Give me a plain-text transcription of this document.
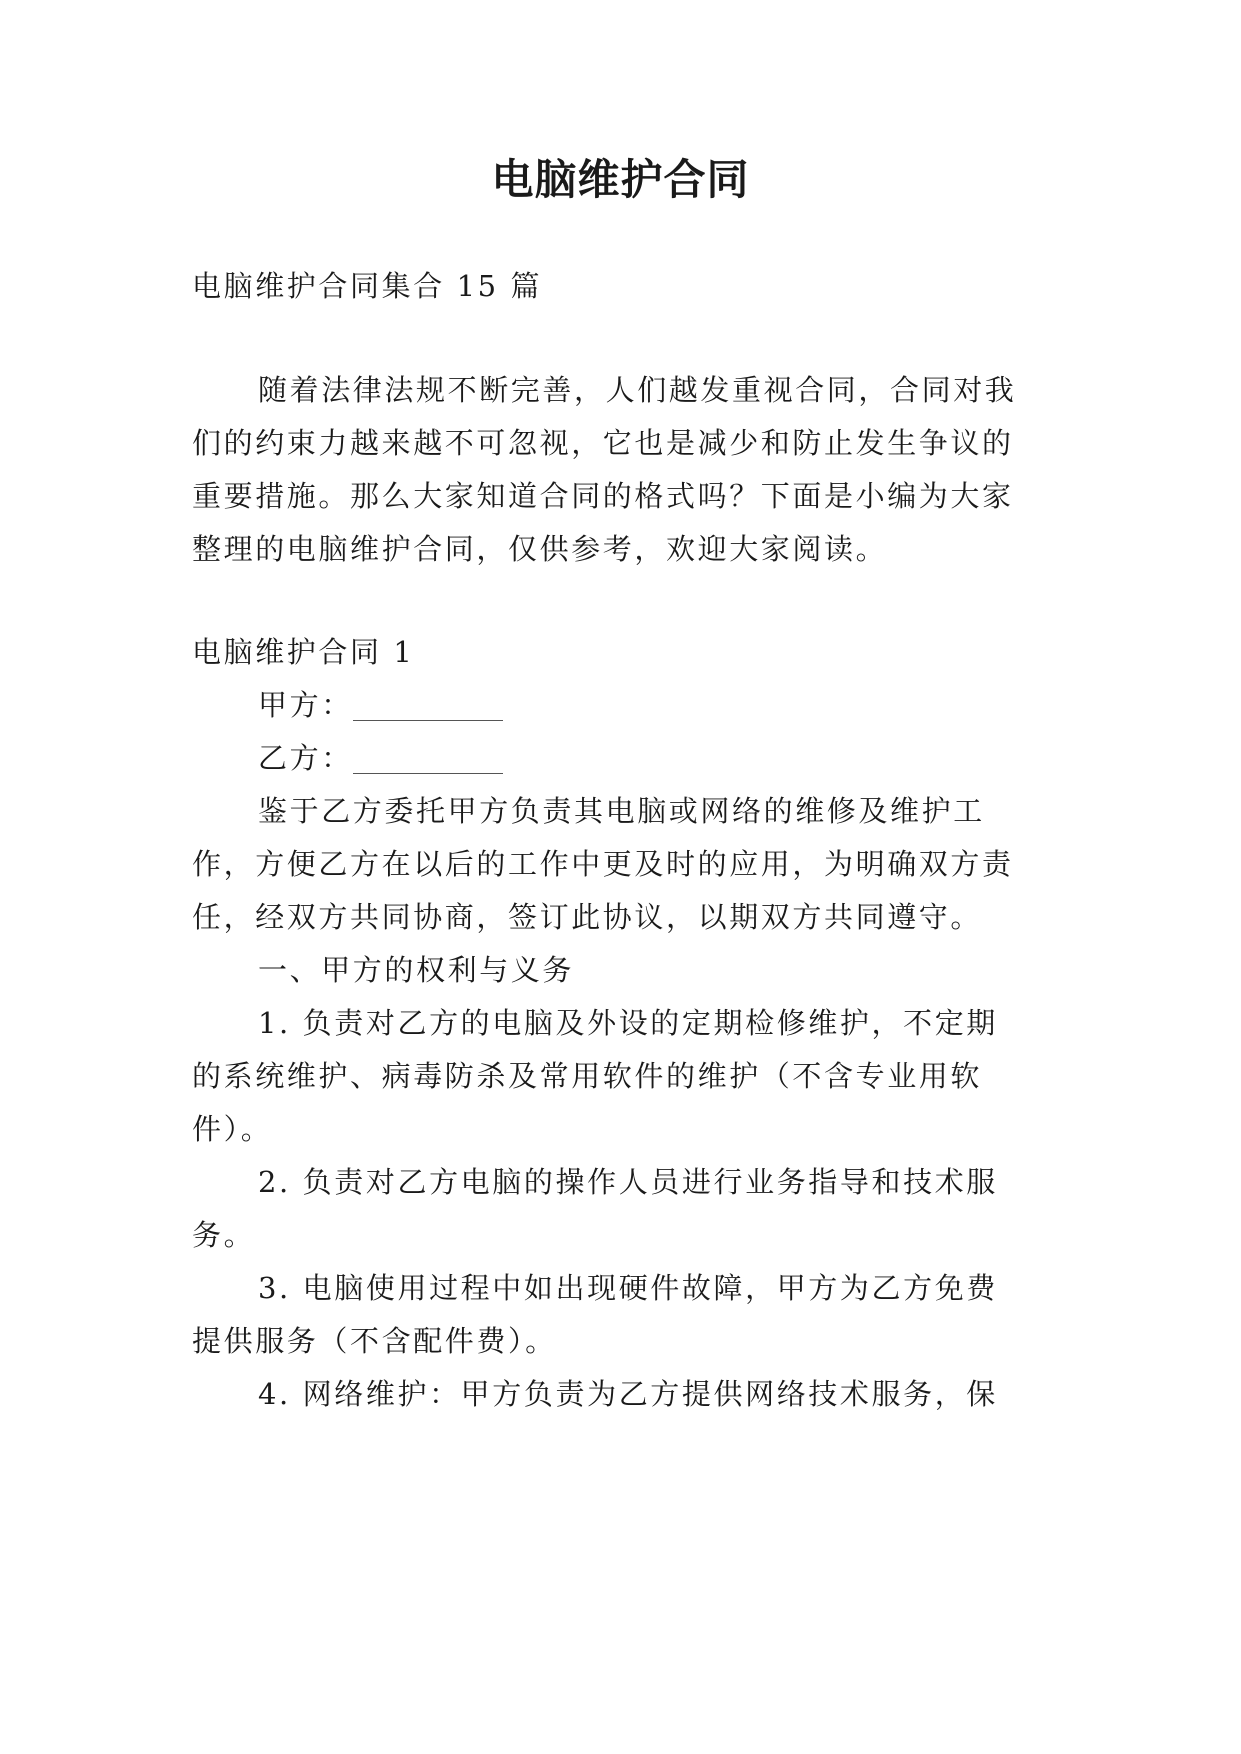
电脑维护合同
电脑维护合同集合 15 篇
随着法律法规不断完善，人们越发重视合同，合同对我
们的约束力越来越不可忽视，它也是减少和防止发生争议的
重要措施。那么大家知道合同的格式吗？下面是小编为大家
整理的电脑维护合同，仅供参考，欢迎大家阅读。
电脑维护合同 1
甲方：
乙方：
鉴于乙方委托甲方负责其电脑或网络的维修及维护工
作，方便乙方在以后的工作中更及时的应用，为明确双方责
任，经双方共同协商，签订此协议，以期双方共同遵守。
一、甲方的权利与义务
1. 负责对乙方的电脑及外设的定期检修维护，不定期
的系统维护、病毒防杀及常用软件的维护（不含专业用软
件）。
2. 负责对乙方电脑的操作人员进行业务指导和技术服
务。
3. 电脑使用过程中如出现硬件故障，甲方为乙方免费
提供服务（不含配件费）。
4. 网络维护：甲方负责为乙方提供网络技术服务，保
